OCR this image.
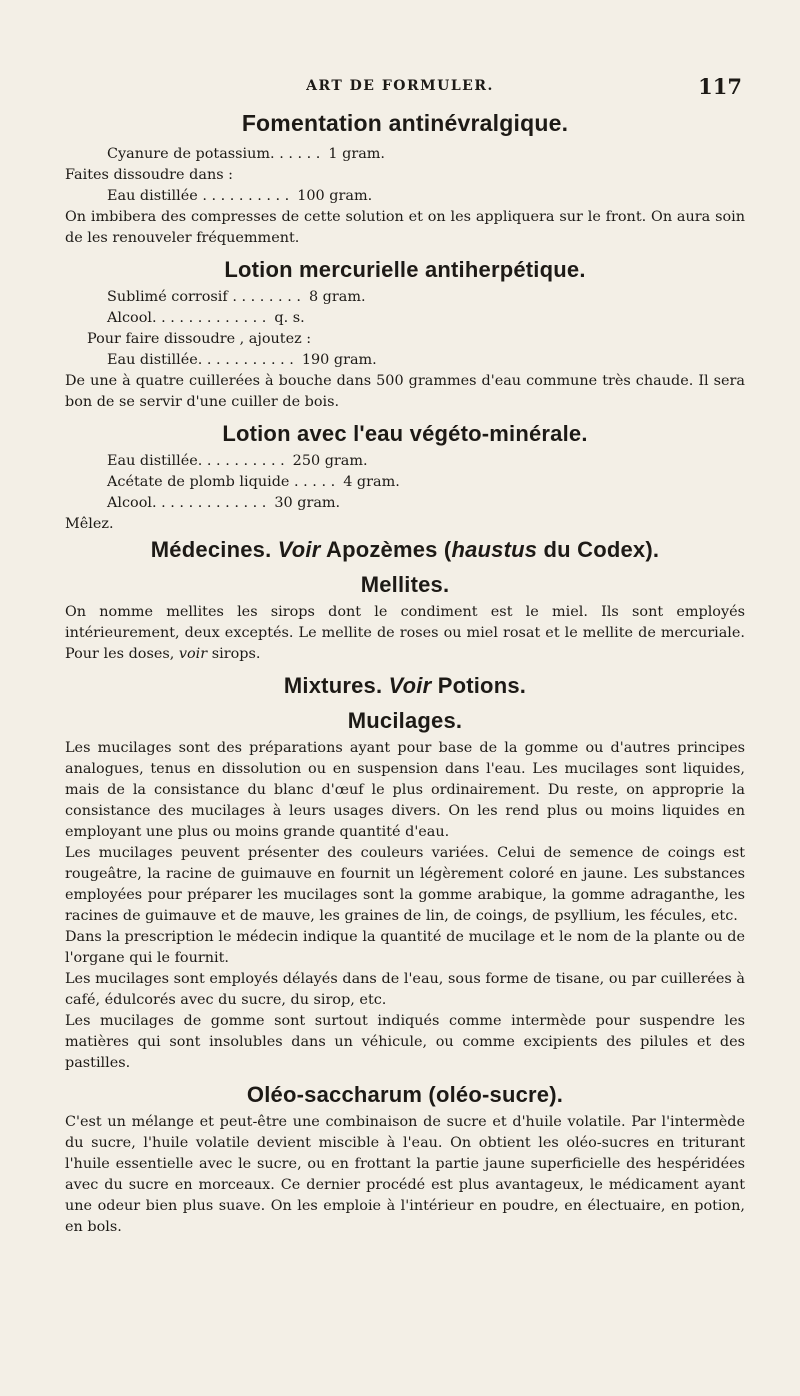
ART DE FORMULER.	117
Fomentation antinévralgique.
Cyanure de potassium. . . . . . 1 gram.
Faites dissoudre dans :
Eau distillée . . . . . . . . . . 100 gram.

On imbibera des compresses de cette solution et on les appliquera sur le front. On aura soin de les renouveler fréquemment.

Lotion mercurielle antiherpétique.
Sublimé corrosif . . . . . . . . 8 gram.
Alcool. . . . . . . . . . . . . q. s.
Pour faire dissoudre , ajoutez :
Eau distillée. . . . . . . . . . . 190 gram.

De une à quatre cuillerées à bouche dans 500 grammes d'eau commune très chaude. Il sera bon de se servir d'une cuiller de bois.

Lotion avec l'eau végéto-minérale.
Eau distillée. . . . . . . . . . 250 gram.
Acétate de plomb liquide . . . . . 4 gram.
Alcool. . . . . . . . . . . . . 30 gram.
Mêlez.
Médecines. Voir Apozèmes (haustus du Codex).
Mellites.

On nomme mellites les sirops dont le condiment est le miel. Ils sont employés intérieurement, deux exceptés. Le mellite de roses ou miel rosat et le mellite de mercuriale. Pour les doses, voir sirops.

Mixtures. Voir Potions.
Mucilages.

Les mucilages sont des préparations ayant pour base de la gomme ou d'autres principes analogues, tenus en dissolution ou en suspension dans l'eau. Les mucilages sont liquides, mais de la consistance du blanc d'œuf le plus ordinairement. Du reste, on approprie la consistance des mucilages à leurs usages divers. On les rend plus ou moins liquides en employant une plus ou moins grande quantité d'eau.

Les mucilages peuvent présenter des couleurs variées. Celui de semence de coings est rougeâtre, la racine de guimauve en fournit un légèrement coloré en jaune. Les substances employées pour préparer les mucilages sont la gomme arabique, la gomme adraganthe, les racines de guimauve et de mauve, les graines de lin, de coings, de psyllium, les fécules, etc.

Dans la prescription le médecin indique la quantité de mucilage et le nom de la plante ou de l'organe qui le fournit.

Les mucilages sont employés délayés dans de l'eau, sous forme de tisane, ou par cuillerées à café, édulcorés avec du sucre, du sirop, etc.

Les mucilages de gomme sont surtout indiqués comme intermède pour suspendre les matières qui sont insolubles dans un véhicule, ou comme excipients des pilules et des pastilles.

Oléo-saccharum (oléo-sucre).

C'est un mélange et peut-être une combinaison de sucre et d'huile volatile. Par l'intermède du sucre, l'huile volatile devient miscible à l'eau. On obtient les oléo-sucres en triturant l'huile essentielle avec le sucre, ou en frottant la partie jaune superficielle des hespéridées avec du sucre en morceaux. Ce dernier procédé est plus avantageux, le médicament ayant une odeur bien plus suave. On les emploie à l'intérieur en poudre, en électuaire, en potion, en bols.
